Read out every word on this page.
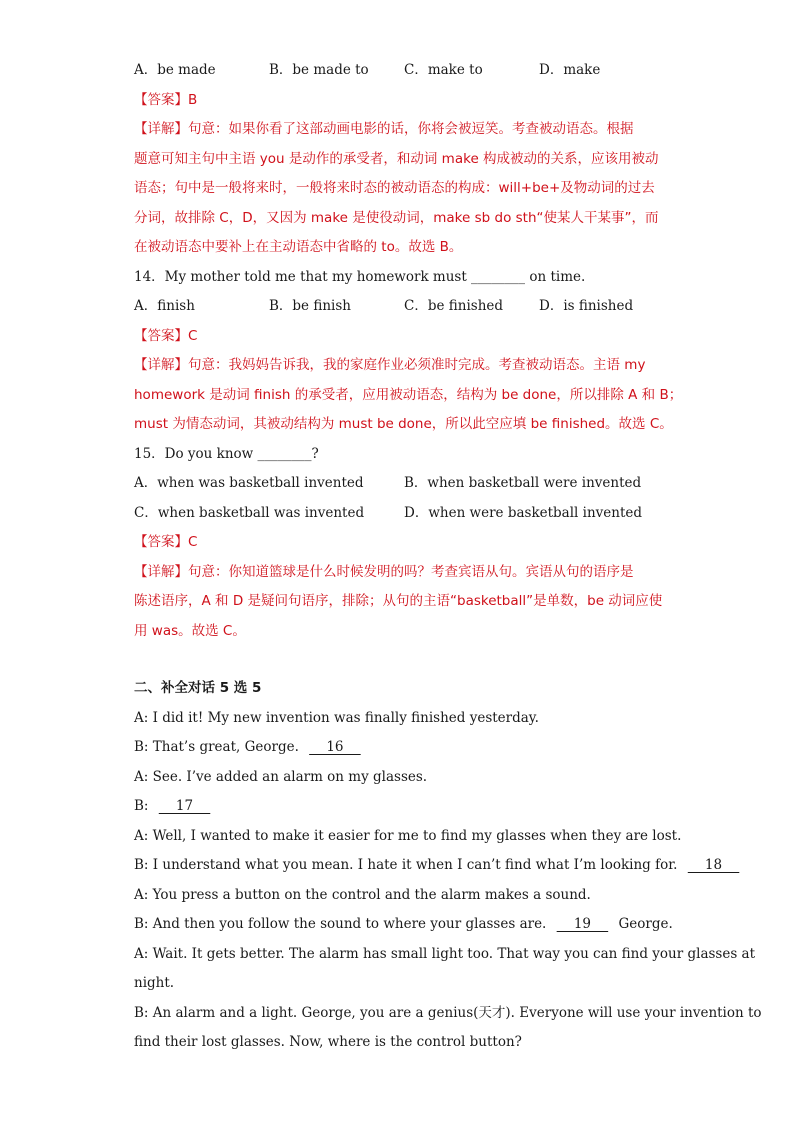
A．be made	B．be made to	C．make to	D．make
【答案】B
【详解】句意：如果你看了这部动画电影的话，你将会被逗笑。考查被动语态。根据
题意可知主句中主语 you 是动作的承受者，和动词 make 构成被动的关系，应该用被动
语态；句中是一般将来时，一般将来时态的被动语态的构成：will+be+及物动词的过去
分词，故排除 C，D，又因为 make 是使役动词，make sb do sth“使某人干某事”，而
在被动语态中要补上在主动语态中省略的 to。故选 B。
14．My mother told me that my homework must ________ on time.
A．finish	B．be finish	C．be finished	D．is finished
【答案】C
【详解】句意：我妈妈告诉我，我的家庭作业必须准时完成。考查被动语态。主语 my
homework 是动词 finish 的承受者，应用被动语态，结构为 be done，所以排除 A 和 B；
must 为情态动词，其被动结构为 must be done，所以此空应填 be finished。故选 C。
15．Do you know ________?
A．when was basketball invented	B．when basketball were invented
C．when basketball was invented	D．when were basketball invented
【答案】C
【详解】句意：你知道篮球是什么时候发明的吗？考查宾语从句。宾语从句的语序是
陈述语序，A 和 D 是疑问句语序，排除；从句的主语“basketball”是单数，be 动词应使
用 was。故选 C。
二、补全对话 5 选 5
A: I did it! My new invention was finally finished yesterday.
B: That’s great, George.     16
A: See. I’ve added an alarm on my glasses.
B:     17
A: Well, I wanted to make it easier for me to find my glasses when they are lost.
B: I understand what you mean. I hate it when I can’t find what I’m looking for.     18
A: You press a button on the control and the alarm makes a sound.
B: And then you follow the sound to where your glasses are.     19     George.
A: Wait. It gets better. The alarm has small light too. That way you can find your glasses at
night.
B: An alarm and a light. George, you are a genius(天才). Everyone will use your invention to
find their lost glasses. Now, where is the control button?
